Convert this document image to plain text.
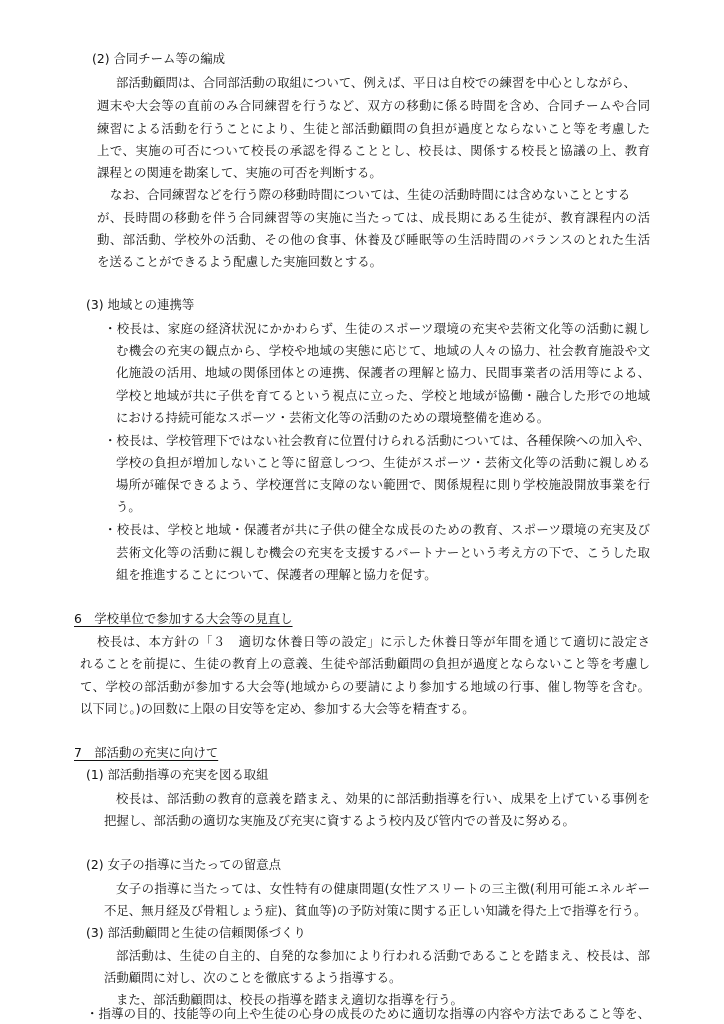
(2) 合同チーム等の編成
部活動顧問は、合同部活動の取組について、例えば、平日は自校での練習を中心としながら、
週末や大会等の直前のみ合同練習を行うなど、双方の移動に係る時間を含め、合同チームや合同
練習による活動を行うことにより、生徒と部活動顧問の負担が過度とならないこと等を考慮した
上で、実施の可否について校長の承認を得ることとし、校長は、関係する校長と協議の上、教育
課程との関連を勘案して、実施の可否を判断する。
なお、合同練習などを行う際の移動時間については、生徒の活動時間には含めないこととする
が、長時間の移動を伴う合同練習等の実施に当たっては、成長期にある生徒が、教育課程内の活
動、部活動、学校外の活動、その他の食事、休養及び睡眠等の生活時間のバランスのとれた生活
を送ることができるよう配慮した実施回数とする。
(3) 地域との連携等
・校長は、家庭の経済状況にかかわらず、生徒のスポーツ環境の充実や芸術文化等の活動に親し
む機会の充実の観点から、学校や地域の実態に応じて、地域の人々の協力、社会教育施設や文
化施設の活用、地域の関係団体との連携、保護者の理解と協力、民間事業者の活用等による、
学校と地域が共に子供を育てるという視点に立った、学校と地域が協働・融合した形での地域
における持続可能なスポーツ・芸術文化等の活動のための環境整備を進める。
・校長は、学校管理下ではない社会教育に位置付けられる活動については、各種保険への加入や、
学校の負担が増加しないこと等に留意しつつ、生徒がスポーツ・芸術文化等の活動に親しめる
場所が確保できるよう、学校運営に支障のない範囲で、関係規程に則り学校施設開放事業を行
う。
・校長は、学校と地域・保護者が共に子供の健全な成長のための教育、スポーツ環境の充実及び
芸術文化等の活動に親しむ機会の充実を支援するパートナーという考え方の下で、こうした取
組を推進することについて、保護者の理解と協力を促す。
6　学校単位で参加する大会等の見直し
校長は、本方針の「３　適切な休養日等の設定」に示した休養日等が年間を通じて適切に設定さ
れることを前提に、生徒の教育上の意義、生徒や部活動顧問の負担が過度とならないこと等を考慮し
て、学校の部活動が参加する大会等(地域からの要請により参加する地域の行事、催し物等を含む。
以下同じ。)の回数に上限の目安等を定め、参加する大会等を精査する。
7　部活動の充実に向けて
(1) 部活動指導の充実を図る取組
校長は、部活動の教育的意義を踏まえ、効果的に部活動指導を行い、成果を上げている事例を
把握し、部活動の適切な実施及び充実に資するよう校内及び管内での普及に努める。
(2) 女子の指導に当たっての留意点
女子の指導に当たっては、女性特有の健康問題(女性アスリートの三主徴(利用可能エネルギー
不足、無月経及び骨粗しょう症)、貧血等)の予防対策に関する正しい知識を得た上で指導を行う。
(3) 部活動顧問と生徒の信頼関係づくり
部活動は、生徒の自主的、自発的な参加により行われる活動であることを踏まえ、校長は、部
活動顧問に対し、次のことを徹底するよう指導する。
また、部活動顧問は、校長の指導を踏まえ適切な指導を行う。
・指導の目的、技能等の向上や生徒の心身の成長のために適切な指導の内容や方法であること等を、
